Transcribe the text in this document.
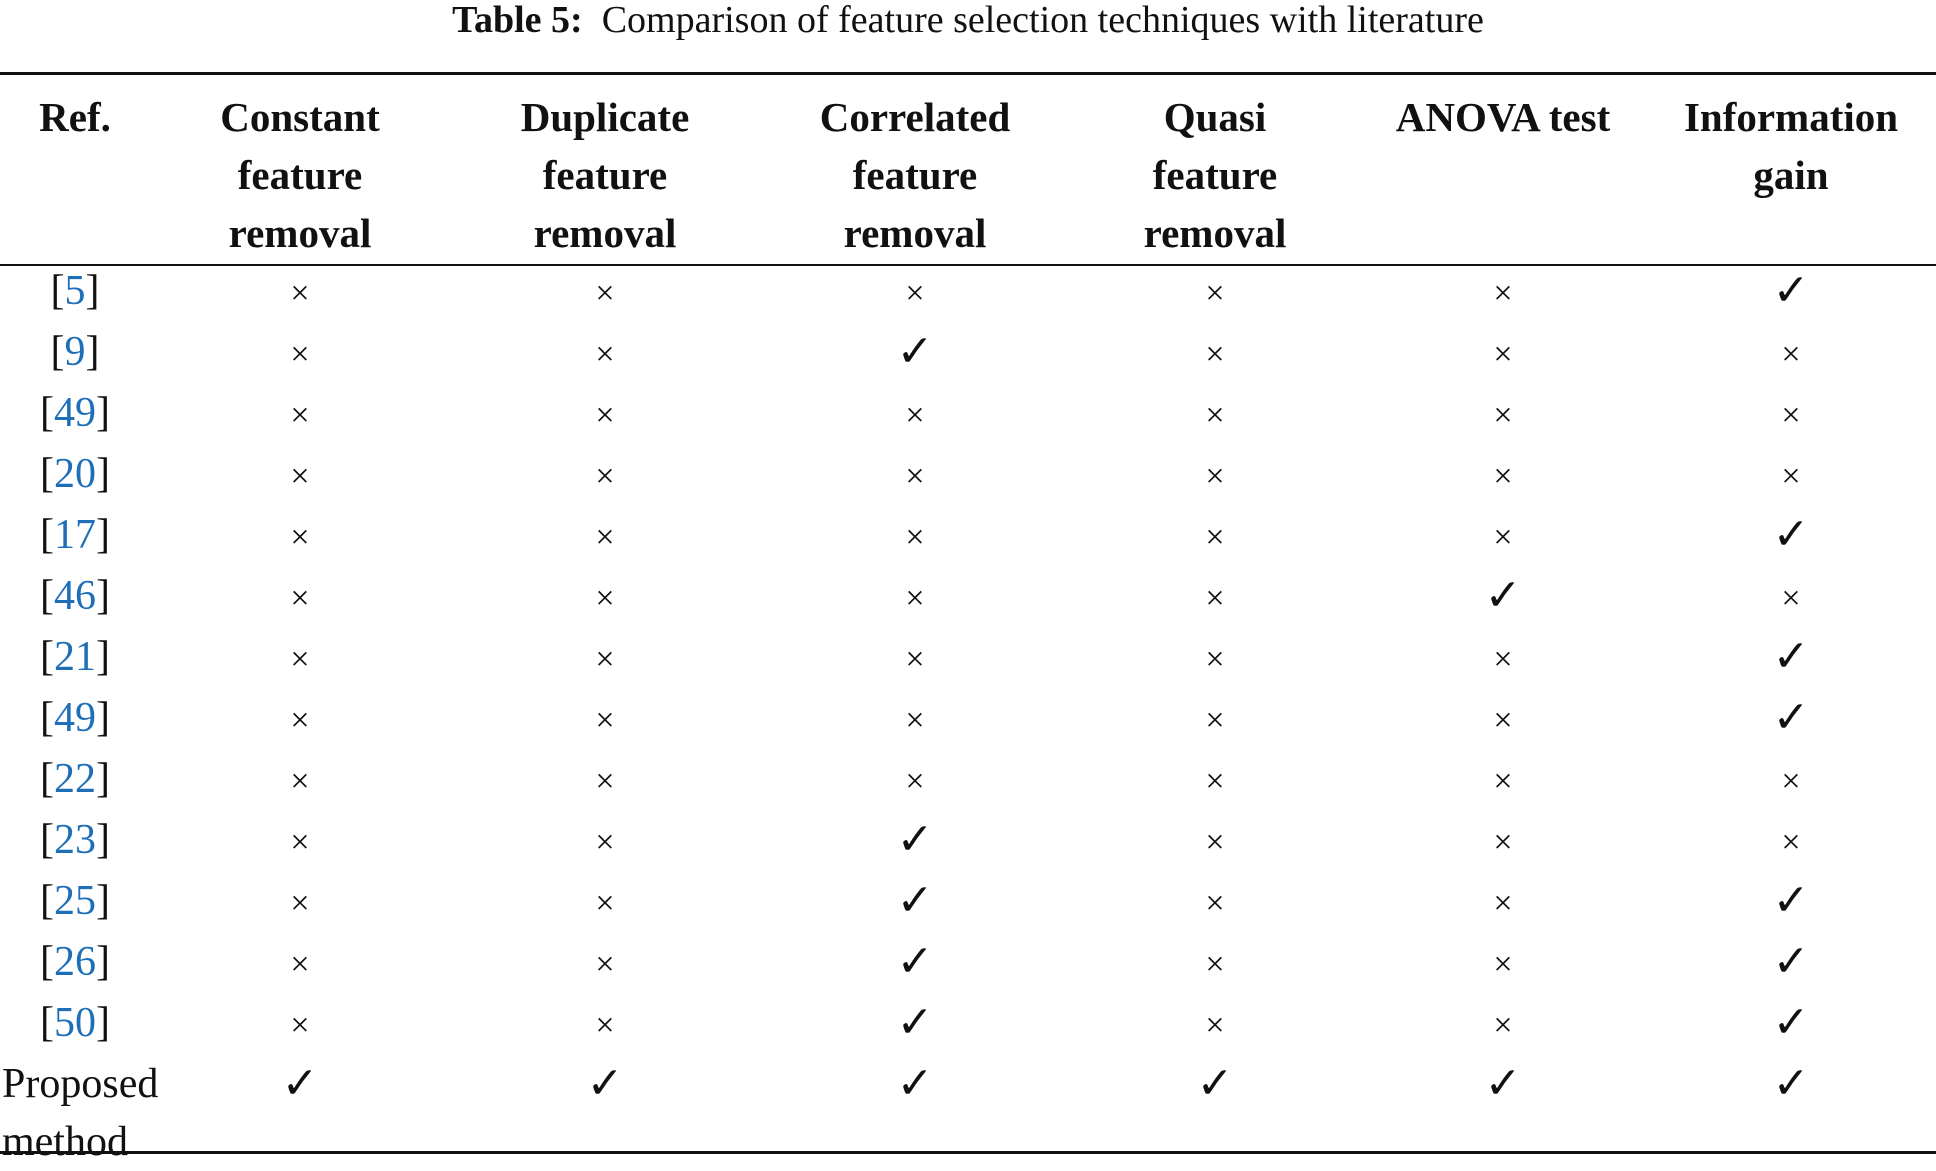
Table 5: Comparison of feature selection techniques with literature
Ref.	Constant
feature
removal	Duplicate
feature
removal	Correlated
feature
removal	Quasi
feature
removal	ANOVA test	Information
gain
[5]	×	×	×	×	×	✓
[9]	×	×	✓	×	×	×
[49]	×	×	×	×	×	×
[20]	×	×	×	×	×	×
[17]	×	×	×	×	×	✓
[46]	×	×	×	×	✓	×
[21]	×	×	×	×	×	✓
[49]	×	×	×	×	×	✓
[22]	×	×	×	×	×	×
[23]	×	×	✓	×	×	×
[25]	×	×	✓	×	×	✓
[26]	×	×	✓	×	×	✓
[50]	×	×	✓	×	×	✓
Proposed
method	✓	✓	✓	✓	✓	✓
